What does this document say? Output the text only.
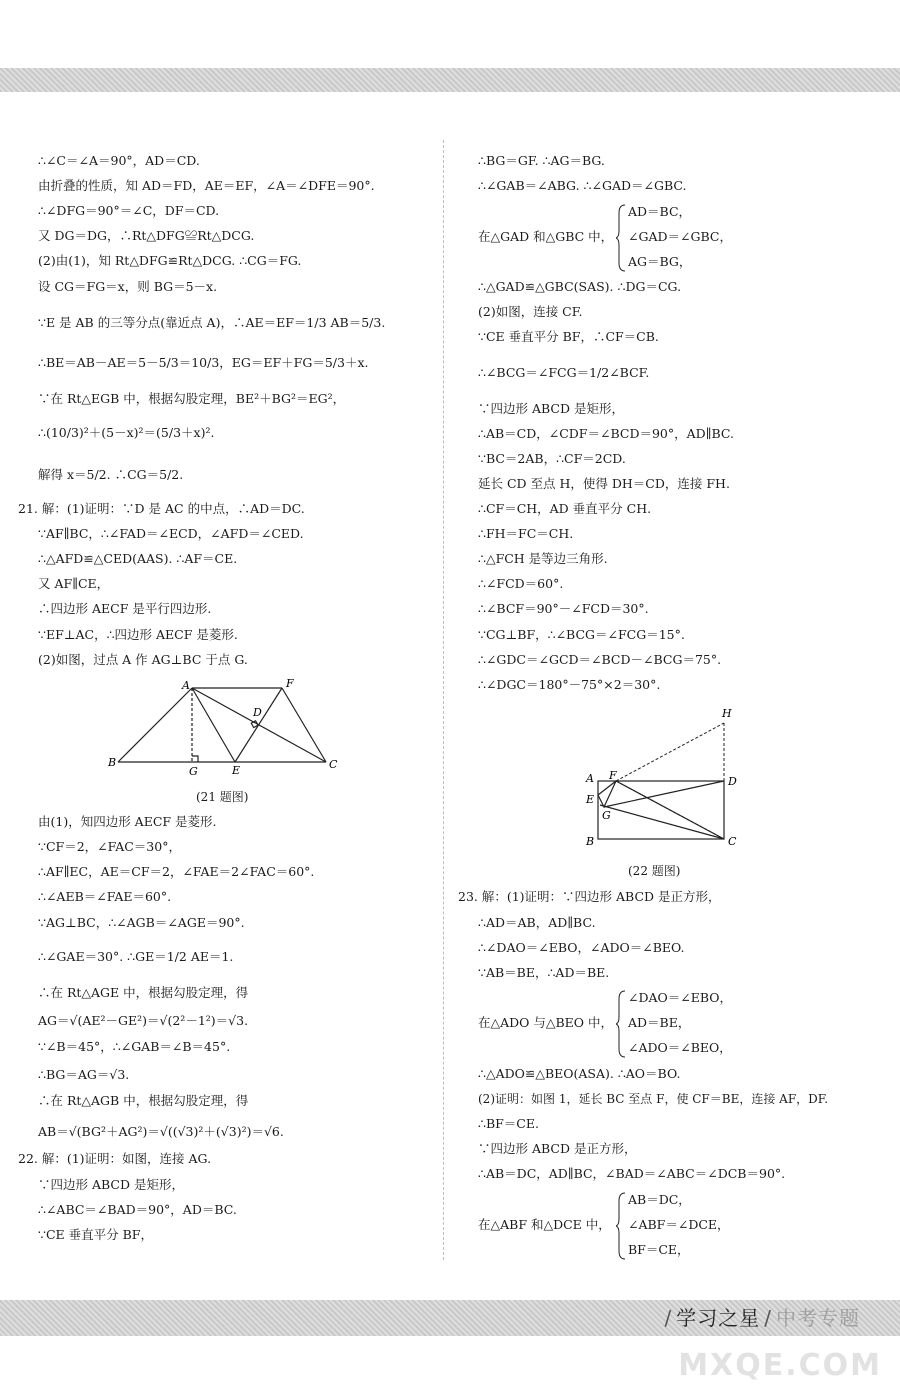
∴∠C＝∠A＝90°，AD＝CD.
由折叠的性质，知 AD＝FD，AE＝EF，∠A＝∠DFE＝90°.
∴∠DFG＝90°＝∠C，DF＝CD.
又 DG＝DG，∴Rt△DFG≌Rt△DCG.
(2)由(1)，知 Rt△DFG≌Rt△DCG. ∴CG＝FG.
设 CG＝FG＝x，则 BG＝5－x.
∵E 是 AB 的三等分点(靠近点 A)，∴AE＝EF＝1/3 AB＝5/3.
∴BE＝AB－AE＝5－5/3＝10/3，EG＝EF＋FG＝5/3＋x.
∵在 Rt△EGB 中，根据勾股定理，BE²＋BG²＝EG²，
∴(10/3)²＋(5－x)²＝(5/3＋x)².
解得 x＝5/2. ∴CG＝5/2.
21. 解：(1)证明：∵D 是 AC 的中点，∴AD＝DC.
∵AF∥BC，∴∠FAD＝∠ECD，∠AFD＝∠CED.
∴△AFD≌△CED(AAS). ∴AF＝CE.
又 AF∥CE，
∴四边形 AECF 是平行四边形.
∵EF⊥AC，∴四边形 AECF 是菱形.
(2)如图，过点 A 作 AG⊥BC 于点 G.
A	F
D
B
G	E	C
(21 题图)
由(1)，知四边形 AECF 是菱形.
∵CF＝2，∠FAC＝30°，
∴AF∥EC，AE＝CF＝2，∠FAE＝2∠FAC＝60°.
∴∠AEB＝∠FAE＝60°.
∵AG⊥BC，∴∠AGB＝∠AGE＝90°.
∴∠GAE＝30°. ∴GE＝1/2 AE＝1.
∴在 Rt△AGE 中，根据勾股定理，得
AG＝√(AE²－GE²)＝√(2²－1²)＝√3.
∵∠B＝45°，∴∠GAB＝∠B＝45°.
∴BG＝AG＝√3.
∴在 Rt△AGB 中，根据勾股定理，得
AB＝√(BG²＋AG²)＝√((√3)²＋(√3)²)＝√6.
22. 解：(1)证明：如图，连接 AG.
∵四边形 ABCD 是矩形，
∴∠ABC＝∠BAD＝90°，AD＝BC.
∵CE 垂直平分 BF，
∴BG＝GF. ∴AG＝BG.
∴∠GAB＝∠ABG. ∴∠GAD＝∠GBC.
在△GAD 和△GBC 中，
AD＝BC，
∠GAD＝∠GBC，
AG＝BG，
∴△GAD≌△GBC(SAS). ∴DG＝CG.
(2)如图，连接 CF.
∵CE 垂直平分 BF，∴CF＝CB.
∴∠BCG＝∠FCG＝1/2∠BCF.
∵四边形 ABCD 是矩形，
∴AB＝CD，∠CDF＝∠BCD＝90°，AD∥BC.
∵BC＝2AB，∴CF＝2CD.
延长 CD 至点 H，使得 DH＝CD，连接 FH.
∴CF＝CH，AD 垂直平分 CH.
∴FH＝FC＝CH.
∴△FCH 是等边三角形.
∴∠FCD＝60°.
∴∠BCF＝90°－∠FCD＝30°.
∵CG⊥BF，∴∠BCG＝∠FCG＝15°.
∴∠GDC＝∠GCD＝∠BCD－∠BCG＝75°.
∴∠DGC＝180°－75°×2＝30°.
H
A F	D
E
G
B	C
(22 题图)
23. 解：(1)证明：∵四边形 ABCD 是正方形，
∴AD＝AB，AD∥BC.
∴∠DAO＝∠EBO，∠ADO＝∠BEO.
∵AB＝BE，∴AD＝BE.
在△ADO 与△BEO 中，
∠DAO＝∠EBO，
AD＝BE，
∠ADO＝∠BEO，
∴△ADO≌△BEO(ASA). ∴AO＝BO.
(2)证明：如图 1，延长 BC 至点 F，使 CF＝BE，连接 AF，DF.
∴BF＝CE.
∵四边形 ABCD 是正方形，
∴AB＝DC，AD∥BC，∠BAD＝∠ABC＝∠DCB＝90°.
在△ABF 和△DCE 中，
AB＝DC，
∠ABF＝∠DCE，
BF＝CE，
/ 学习之星 / 中考专题
MXQE.COM
